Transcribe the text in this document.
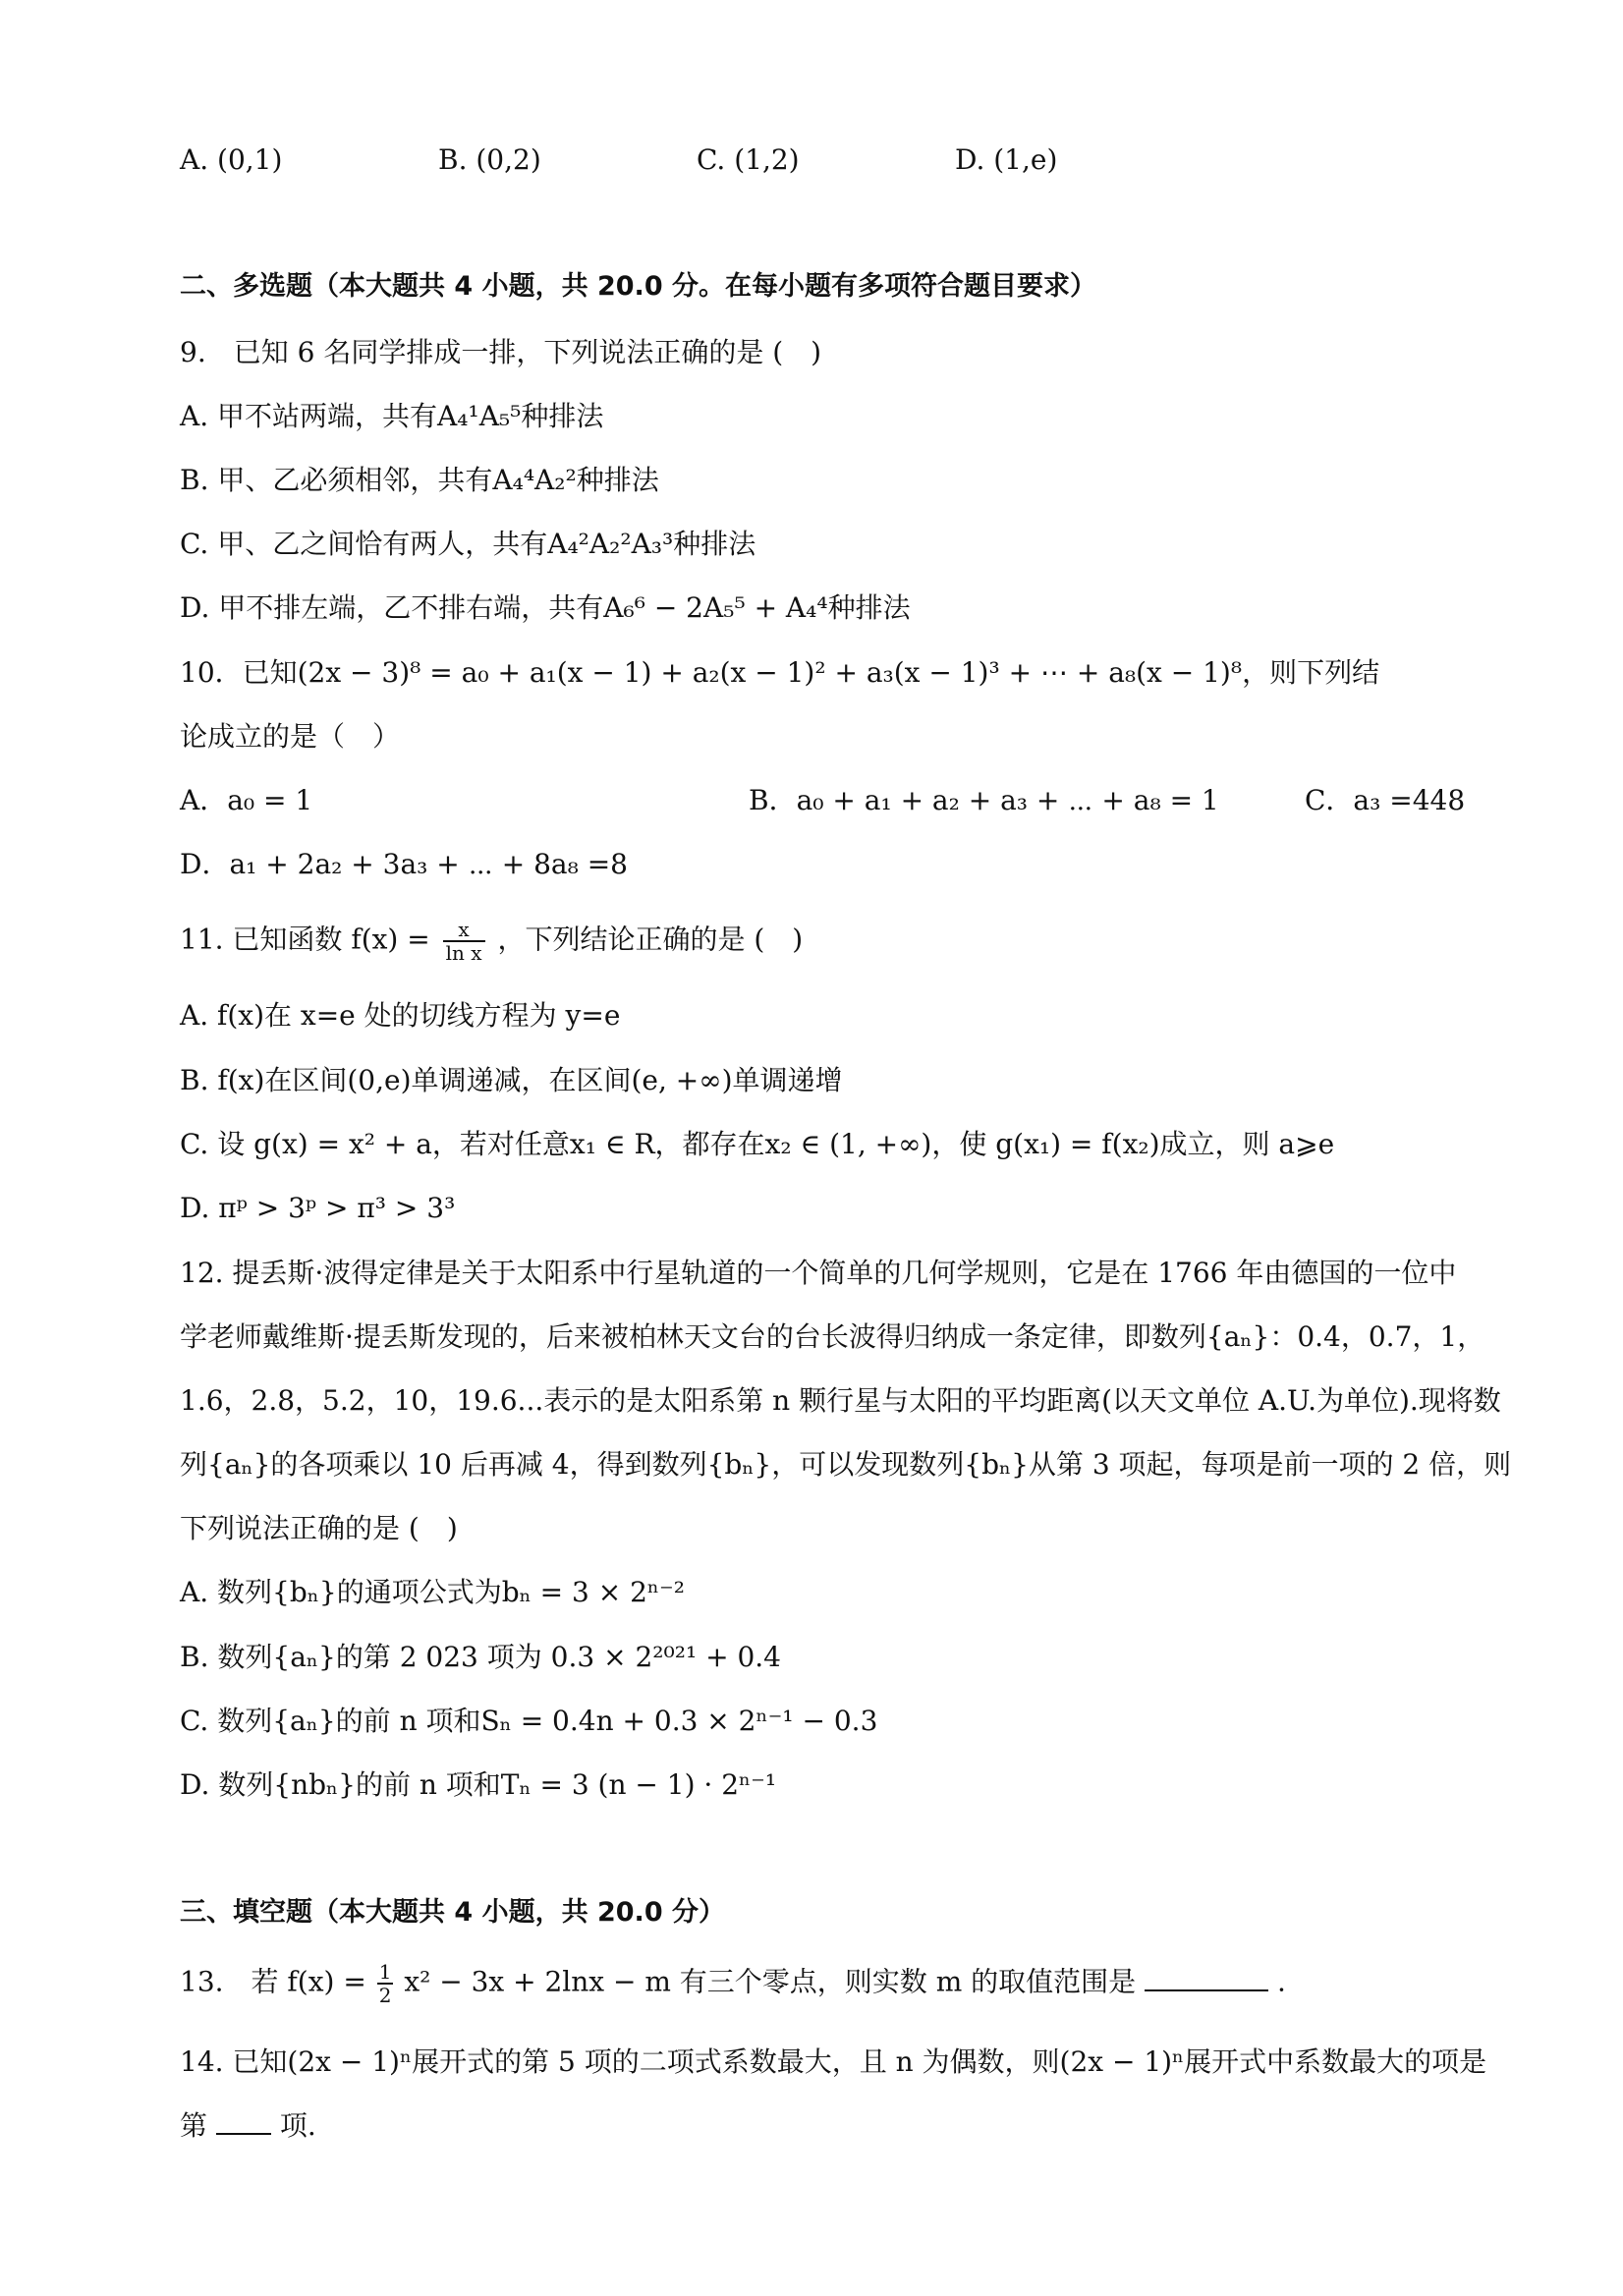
A. (0,1)	B. (0,2)	C. (1,2)	D. (1,e)
二、多选题（本大题共 4 小题，共 20.0 分。在每小题有多项符合题目要求）
9.　已知 6 名同学排成一排，下列说法正确的是 (　)
A. 甲不站两端，共有A₄¹A₅⁵种排法
B. 甲、乙必须相邻，共有A₄⁴A₂²种排法
C. 甲、乙之间恰有两人，共有A₄²A₂²A₃³种排法
D. 甲不排左端，乙不排右端，共有A₆⁶ − 2A₅⁵ + A₄⁴种排法
10．已知(2x − 3)⁸ = a₀ + a₁(x − 1) + a₂(x − 1)² + a₃(x − 1)³ + ⋯ + a₈(x − 1)⁸，则下列结
论成立的是（　）
A．a₀ = 1	B．a₀ + a₁ + a₂ + a₃ + ⋯ + a₈ = 1	C．a₃ =448
D．a₁ + 2a₂ + 3a₃ + ⋯ + 8a₈ =8
11. 已知函数 $f(x) = \frac{x}{\text{ln x}}$ ，下列结论正确的是 (　)
A. f(x)在 x=e 处的切线方程为 y=e
B. f(x)在区间(0,e)单调递减，在区间(e, +∞)单调递增
C. 设 g(x) = x² + a，若对任意x₁ ∈ R，都存在x₂ ∈ (1, +∞)，使 g(x₁) = f(x₂)成立，则 a⩾e
D. πᵖ > 3ᵖ > π³ > 3³
12. 提丢斯·波得定律是关于太阳系中行星轨道的一个简单的几何学规则，它是在 1766 年由德国的一位中
学老师戴维斯·提丢斯发现的，后来被柏林天文台的台长波得归纳成一条定律，即数列{aₙ}：0.4，0.7，1，
1.6，2.8，5.2，10，19.6...表示的是太阳系第 n 颗行星与太阳的平均距离(以天文单位 A.U.为单位).现将数
列{aₙ}的各项乘以 10 后再减 4，得到数列{bₙ}，可以发现数列{bₙ}从第 3 项起，每项是前一项的 2 倍，则
下列说法正确的是 (　)
A. 数列{bₙ}的通项公式为bₙ = 3 × 2ⁿ⁻²
B. 数列{aₙ}的第 2 023 项为 0.3 × 2²⁰²¹ + 0.4
C. 数列{aₙ}的前 n 项和Sₙ = 0.4n + 0.3 × 2ⁿ⁻¹ − 0.3
D. 数列{nbₙ}的前 n 项和Tₙ = 3 (n − 1) · 2ⁿ⁻¹
三、填空题（本大题共 4 小题，共 20.0 分）
13.　若 $f(x) = \frac{1}{2} x^2 - 3x + 2\ln x - m$ 有三个零点，则实数 m 的取值范围是	.
14. 已知(2x − 1)ⁿ展开式的第 5 项的二项式系数最大，且 n 为偶数，则(2x − 1)ⁿ展开式中系数最大的项是
第	项.
